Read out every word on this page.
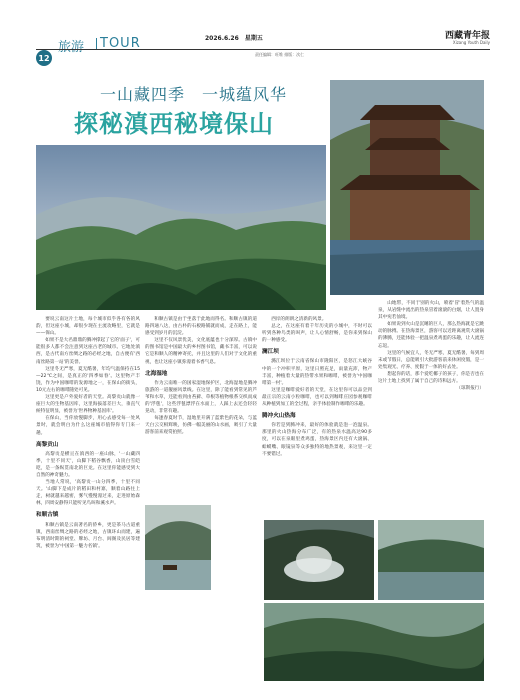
旅游 TOUR	2026.6.26　 星期五	西藏青年报
Xizang Youth Daily
责任编辑：旺堆 排版：次仁
12
一山藏四季　一城蕴风华
探秘滇西秘境保山

要说云南这片土地，每个城市似乎各有各的风韵，但这座小城，却很少现在主流攻略里，它就是——保山。

如果不是大名鼎鼎的腾冲撑起了它的'面子'，可能很多人都不会注意到这座古老的城市。它地处滇西，是古代南方丝绸之路的必经之地，自古便有'西南丝路第一站'的美誉。

这里冬无严寒，夏无酷暑，年均气温保持在15—22℃之间，是真正的'四季如春'。这里物产丰饶，作为中国咖啡的发源地之一，在保山的街头，10元左右的咖啡随处可见。

这里更是户外爱好者的天堂。高黎贡山就像一座巨大的生物基因库，这里海拔落差巨大，垂直气候特征明显，被誉为'世界物种基因库'。

在保山，当你放慢脚步，用心去感受每一处风景时，就会明白为什么这座城市值得你专门来一趟。

高黎贡山

高黎贡是横亘在滇西的一座山脉，'一山藏四季，十里不同天'，山脚下稻谷飘香，山顶白雪皑皑，是一条纵贯南北的巨龙。在这里你能感受到大自然的神奇魅力。

当地人常说，'高黎贡一山分四季，十里不同天。'山脚下是成片的稻田和村寨，顺着山路往上走，树就越来越密，雾气慢慢漫过来，走进原始森林，四周安静得只能听见鸟叫和溪水声。

和顺古镇

和顺古镇是云南著名的侨乡，更是茶马古道重镇，西南丝绸之路的必经之地，古镇环山而建，遍布明清时期的祠堂、牌坊、月台、闾阁及民居等建筑，被誉为'中国第一魅力名镇'。

和顺古镇是由于坐落于此地而得名。和顺古镇的道路四通八达，由古朴的石板路铺就而成，走在路上，能感受到岁月的沉淀。

这里不仅风景优美，文化底蕴也十分深厚。古镇中的图书馆是中国最大的乡村图书馆，藏书丰富，可以说它是和顺人的精神寄托，并且这里的人们对于文化的重视，也让这座小镇弥漫着书香气息。

北海湿地

作为云南唯一的国家湿地保护区，北海湿地是腾冲旅游的一道靓丽风景线。在这里，除了能看到常见的芦苇和水草，还能看到由苔藓、草根等植物根系交织而成的'浮毯'，这些浮毯漂浮在水面上，人踩上去还会轻轻晃动，非常有趣。

每逢春夏时节，湿地里开满了蓝紫色的花朵，与蓝天白云交相辉映，仿佛一幅美丽的山水画，吸引了大量游客前来观赏拍照。

西岸的朗朗之清新的风景。

总之，在这座有着千年历史的小城中，不时可以听到各种鸟类的叫声，让人心情舒畅，是你来到保山的一种感受。

澜江坝

潞江坝位于云南省保山市隆阳区，是怒江大峡谷中的一个冲积平原，这里日照充足，雨量充沛，物产丰富，种植着大量的热带水果和咖啡，被誉为'中国咖啡第一村'。

这里是咖啡爱好者的天堂，在这里你可以品尝到最正宗的云南小粒咖啡，也可以到咖啡庄园参观咖啡从种植到加工的全过程，亲手体验制作咖啡的乐趣。

腾冲火山热海

你若是到腾冲来，最好的体验就是泡一泡温泉。那里的火山热海分布广泛，有的热泉水温高达90多度，可以在泉眼里煮鸡蛋，热海景区内还有大滚锅、蛤蟆嘴、眼镜泉等众多独特的地热景观，来这里一定不要错过。

山地带，不同于别的火山，喷着'冒'着热气的温泉，从岩缝中流出的热泉冒着滚滚的白烟，让人置身其中宛若仙境。

如果说到火山是沉睡的巨人，那么热海就是它跳动的脉搏。在热海景区，游客可以近距离观赏大滚锅的沸腾，还能体验一把温泉煮鸡蛋的乐趣，让人流连忘返。

这里的气候宜人，冬无严寒，夏无酷暑，每到周末或节假日，总能吸引大批游客前来休闲度假，是一处集观光、疗养、度假于一体的好去处。

想起你的话，那个爱吃椰子的孩子，你是否也在这片土地上找到了属于自己的诗和远方。

（琼斯报行）
